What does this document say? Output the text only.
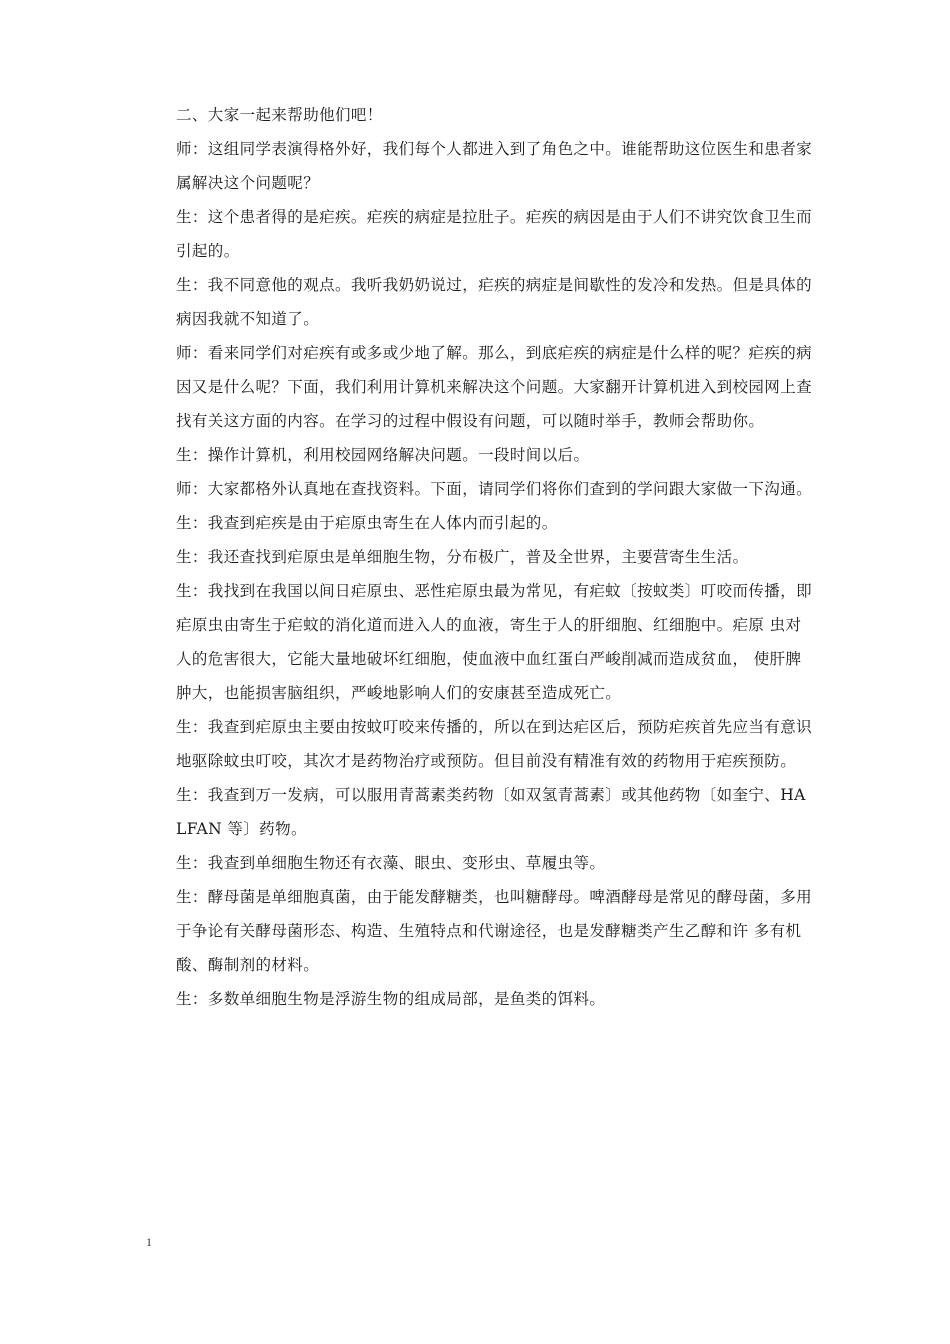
二、大家一起来帮助他们吧！

师：这组同学表演得格外好，我们每个人都进入到了角色之中。谁能帮助这位医生和患者家属解决这个问题呢？

生：这个患者得的是疟疾。疟疾的病症是拉肚子。疟疾的病因是由于人们不讲究饮食卫生而引起的。

生：我不同意他的观点。我听我奶奶说过，疟疾的病症是间歇性的发冷和发热。但是具体的病因我就不知道了。

师：看来同学们对疟疾有或多或少地了解。那么，到底疟疾的病症是什么样的呢？疟疾的病因又是什么呢？下面，我们利用计算机来解决这个问题。大家翻开计算机进入到校园网上查找有关这方面的内容。在学习的过程中假设有问题，可以随时举手，教师会帮助你。

生：操作计算机，利用校园网络解决问题。一段时间以后。

师：大家都格外认真地在查找资料。下面，请同学们将你们查到的学问跟大家做一下沟通。

生：我查到疟疾是由于疟原虫寄生在人体内而引起的。

生：我还查找到疟原虫是单细胞生物，分布极广，普及全世界，主要营寄生生活。

生：我找到在我国以间日疟原虫、恶性疟原虫最为常见，有疟蚊〔按蚊类〕叮咬而传播，即疟原虫由寄生于疟蚊的消化道而进入人的血液，寄生于人的肝细胞、红细胞中。疟原 虫对人的危害很大，它能大量地破坏红细胞，使血液中血红蛋白严峻削减而造成贫血， 使肝脾肿大，也能损害脑组织，严峻地影响人们的安康甚至造成死亡。

生：我查到疟原虫主要由按蚊叮咬来传播的，所以在到达疟区后，预防疟疾首先应当有意识地驱除蚊虫叮咬，其次才是药物治疗或预防。但目前没有精准有效的药物用于疟疾预防。

生：我查到万一发病，可以服用青蒿素类药物〔如双氢青蒿素〕或其他药物〔如奎宁、HALFAN 等〕药物。

生：我查到单细胞生物还有衣藻、眼虫、变形虫、草履虫等。

生：酵母菌是单细胞真菌，由于能发酵糖类，也叫糖酵母。啤酒酵母是常见的酵母菌，多用于争论有关酵母菌形态、构造、生殖特点和代谢途径，也是发酵糖类产生乙醇和许 多有机酸、酶制剂的材料。

生：多数单细胞生物是浮游生物的组成局部，是鱼类的饵料。

1
